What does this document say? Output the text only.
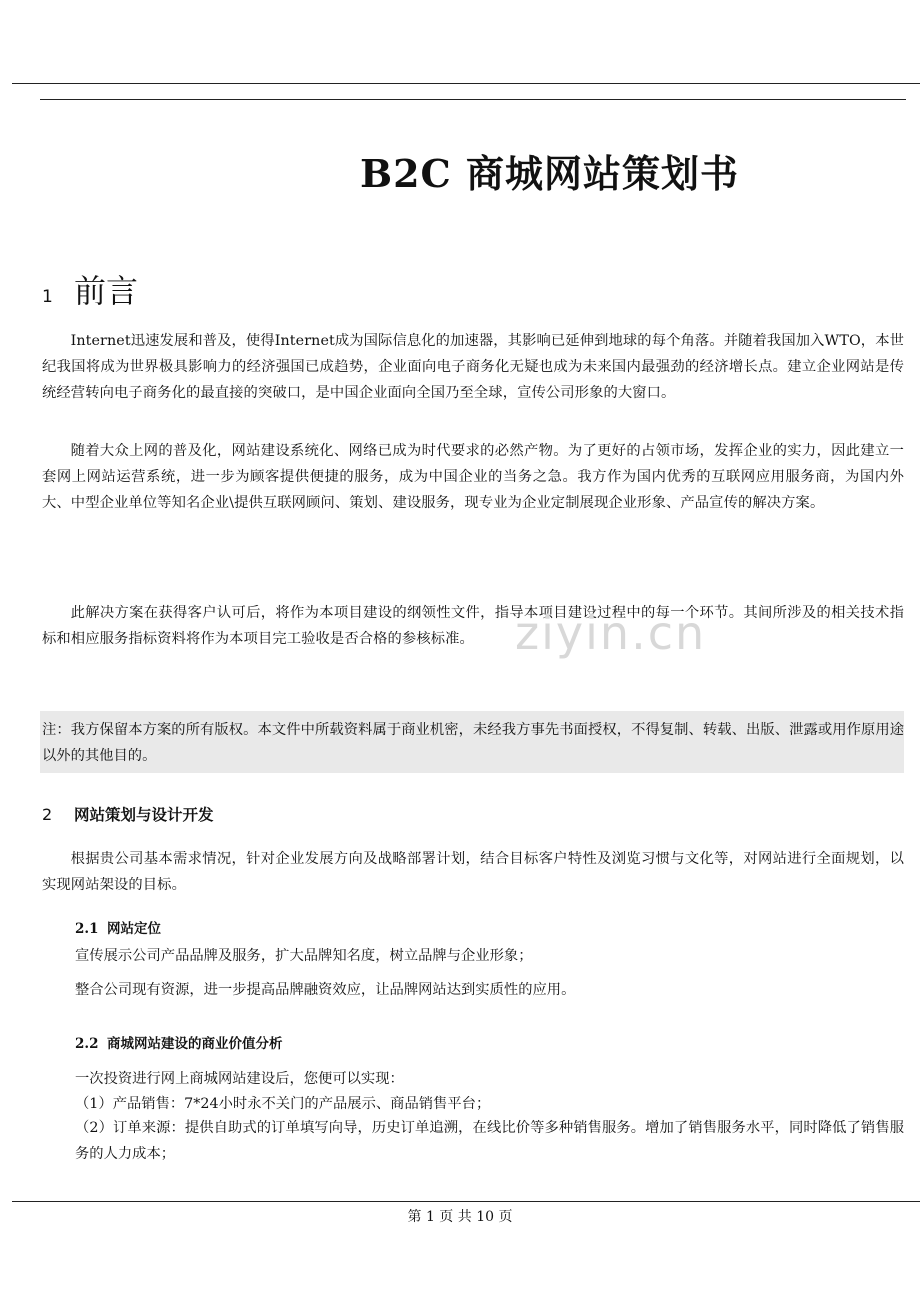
B2C 商城网站策划书
1 前言

Internet迅速发展和普及，使得Internet成为国际信息化的加速器，其影响已延伸到地球的每个角落。并随着我国加入WTO，本世纪我国将成为世界极具影响力的经济强国已成趋势，企业面向电子商务化无疑也成为未来国内最强劲的经济增长点。建立企业网站是传统经营转向电子商务化的最直接的突破口，是中国企业面向全国乃至全球，宣传公司形象的大窗口。

随着大众上网的普及化，网站建设系统化、网络已成为时代要求的必然产物。为了更好的占领市场，发挥企业的实力，因此建立一套网上网站运营系统，进一步为顾客提供便捷的服务，成为中国企业的当务之急。我方作为国内优秀的互联网应用服务商，为国内外大、中型企业单位等知名企业\提供互联网顾问、策划、建设服务，现专业为企业定制展现企业形象、产品宣传的解决方案。

此解决方案在获得客户认可后，将作为本项目建设的纲领性文件，指导本项目建设过程中的每一个环节。其间所涉及的相关技术指标和相应服务指标资料将作为本项目完工验收是否合格的参核标准。 ziyin.cn

注：我方保留本方案的所有版权。本文件中所载资料属于商业机密，未经我方事先书面授权，不得复制、转载、出版、泄露或用作原用途以外的其他目的。

2 网站策划与设计开发

根据贵公司基本需求情况，针对企业发展方向及战略部署计划，结合目标客户特性及浏览习惯与文化等，对网站进行全面规划，以实现网站架设的目标。

2.1 网站定位

宣传展示公司产品品牌及服务，扩大品牌知名度，树立品牌与企业形象；

整合公司现有资源，进一步提高品牌融资效应，让品牌网站达到实质性的应用。

2.2 商城网站建设的商业价值分析

一次投资进行网上商城网站建设后，您便可以实现：

（1）产品销售：7*24小时永不关门的产品展示、商品销售平台；

（2）订单来源：提供自助式的订单填写向导，历史订单追溯，在线比价等多种销售服务。增加了销售服务水平，同时降低了销售服务的人力成本；

第 1 页 共 10 页
